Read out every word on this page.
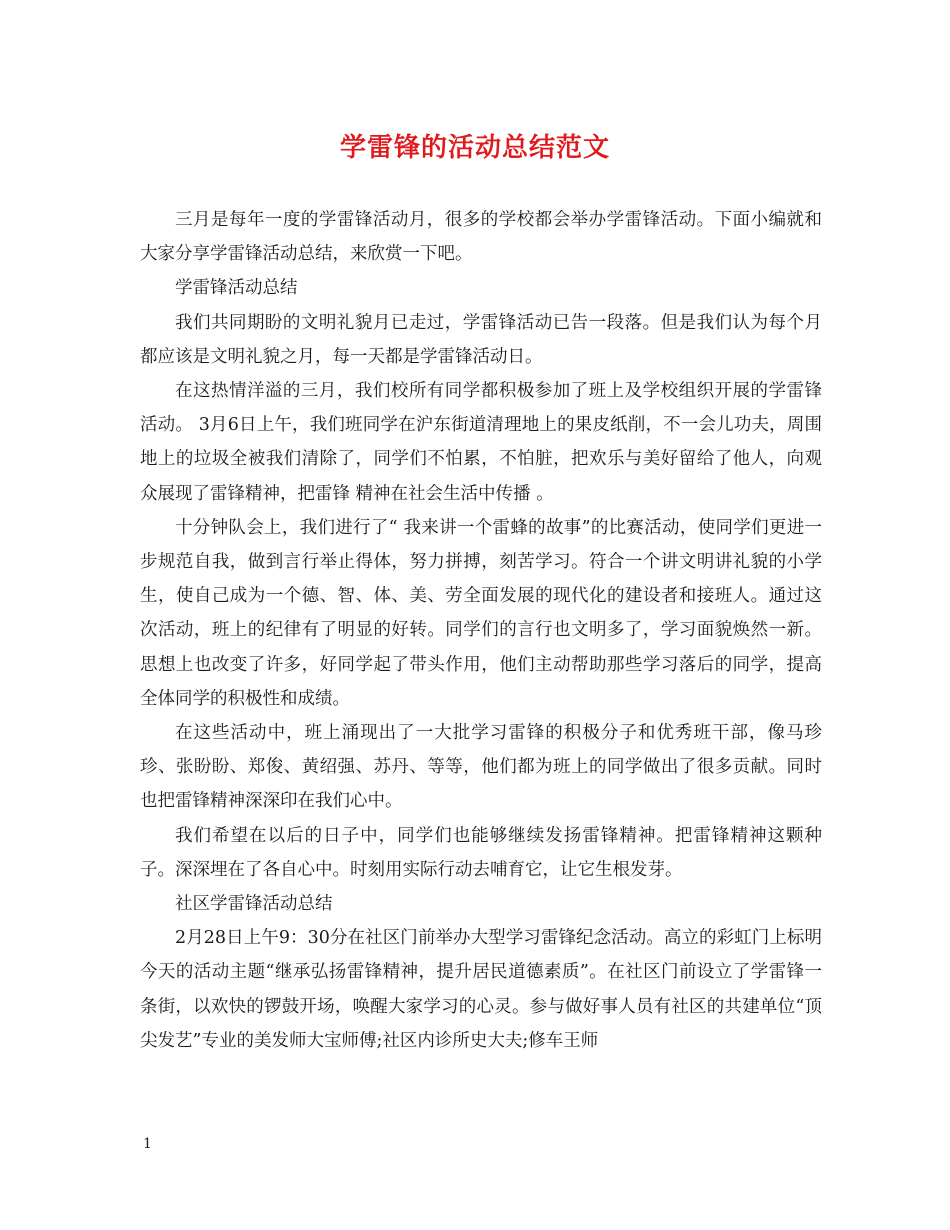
学雷锋的活动总结范文

三月是每年一度的学雷锋活动月，很多的学校都会举办学雷锋活动。下面小编就和大家分享学雷锋活动总结，来欣赏一下吧。

学雷锋活动总结

我们共同期盼的文明礼貌月已走过，学雷锋活动已告一段落。但是我们认为每个月都应该是文明礼貌之月，每一天都是学雷锋活动日。

在这热情洋溢的三月，我们校所有同学都积极参加了班上及学校组织开展的学雷锋活动。 3月6日上午，我们班同学在沪东街道清理地上的果皮纸削，不一会儿功夫，周围地上的垃圾全被我们清除了，同学们不怕累，不怕脏，把欢乐与美好留给了他人，向观众展现了雷锋精神，把雷锋 精神在社会生活中传播 。

十分钟队会上，我们进行了“ 我来讲一个雷蜂的故事”的比赛活动，使同学们更进一步规范自我，做到言行举止得体，努力拼搏，刻苦学习。符合一个讲文明讲礼貌的小学生，使自己成为一个德、智、体、美、劳全面发展的现代化的建设者和接班人。通过这次活动，班上的纪律有了明显的好转。同学们的言行也文明多了，学习面貌焕然一新。思想上也改变了许多，好同学起了带头作用，他们主动帮助那些学习落后的同学，提高全体同学的积极性和成绩。

在这些活动中，班上涌现出了一大批学习雷锋的积极分子和优秀班干部，像马珍珍、张盼盼、郑俊、黄绍强、苏丹、等等，他们都为班上的同学做出了很多贡献。同时也把雷锋精神深深印在我们心中。

我们希望在以后的日子中，同学们也能够继续发扬雷锋精神。把雷锋精神这颗种子。深深埋在了各自心中。时刻用实际行动去哺育它，让它生根发芽。

社区学雷锋活动总结

2月28日上午9：30分在社区门前举办大型学习雷锋纪念活动。高立的彩虹门上标明今天的活动主题“继承弘扬雷锋精神，提升居民道德素质”。在社区门前设立了学雷锋一条街，以欢快的锣鼓开场，唤醒大家学习的心灵。参与做好事人员有社区的共建单位“顶尖发艺”专业的美发师大宝师傅;社区内诊所史大夫;修车王师

1
